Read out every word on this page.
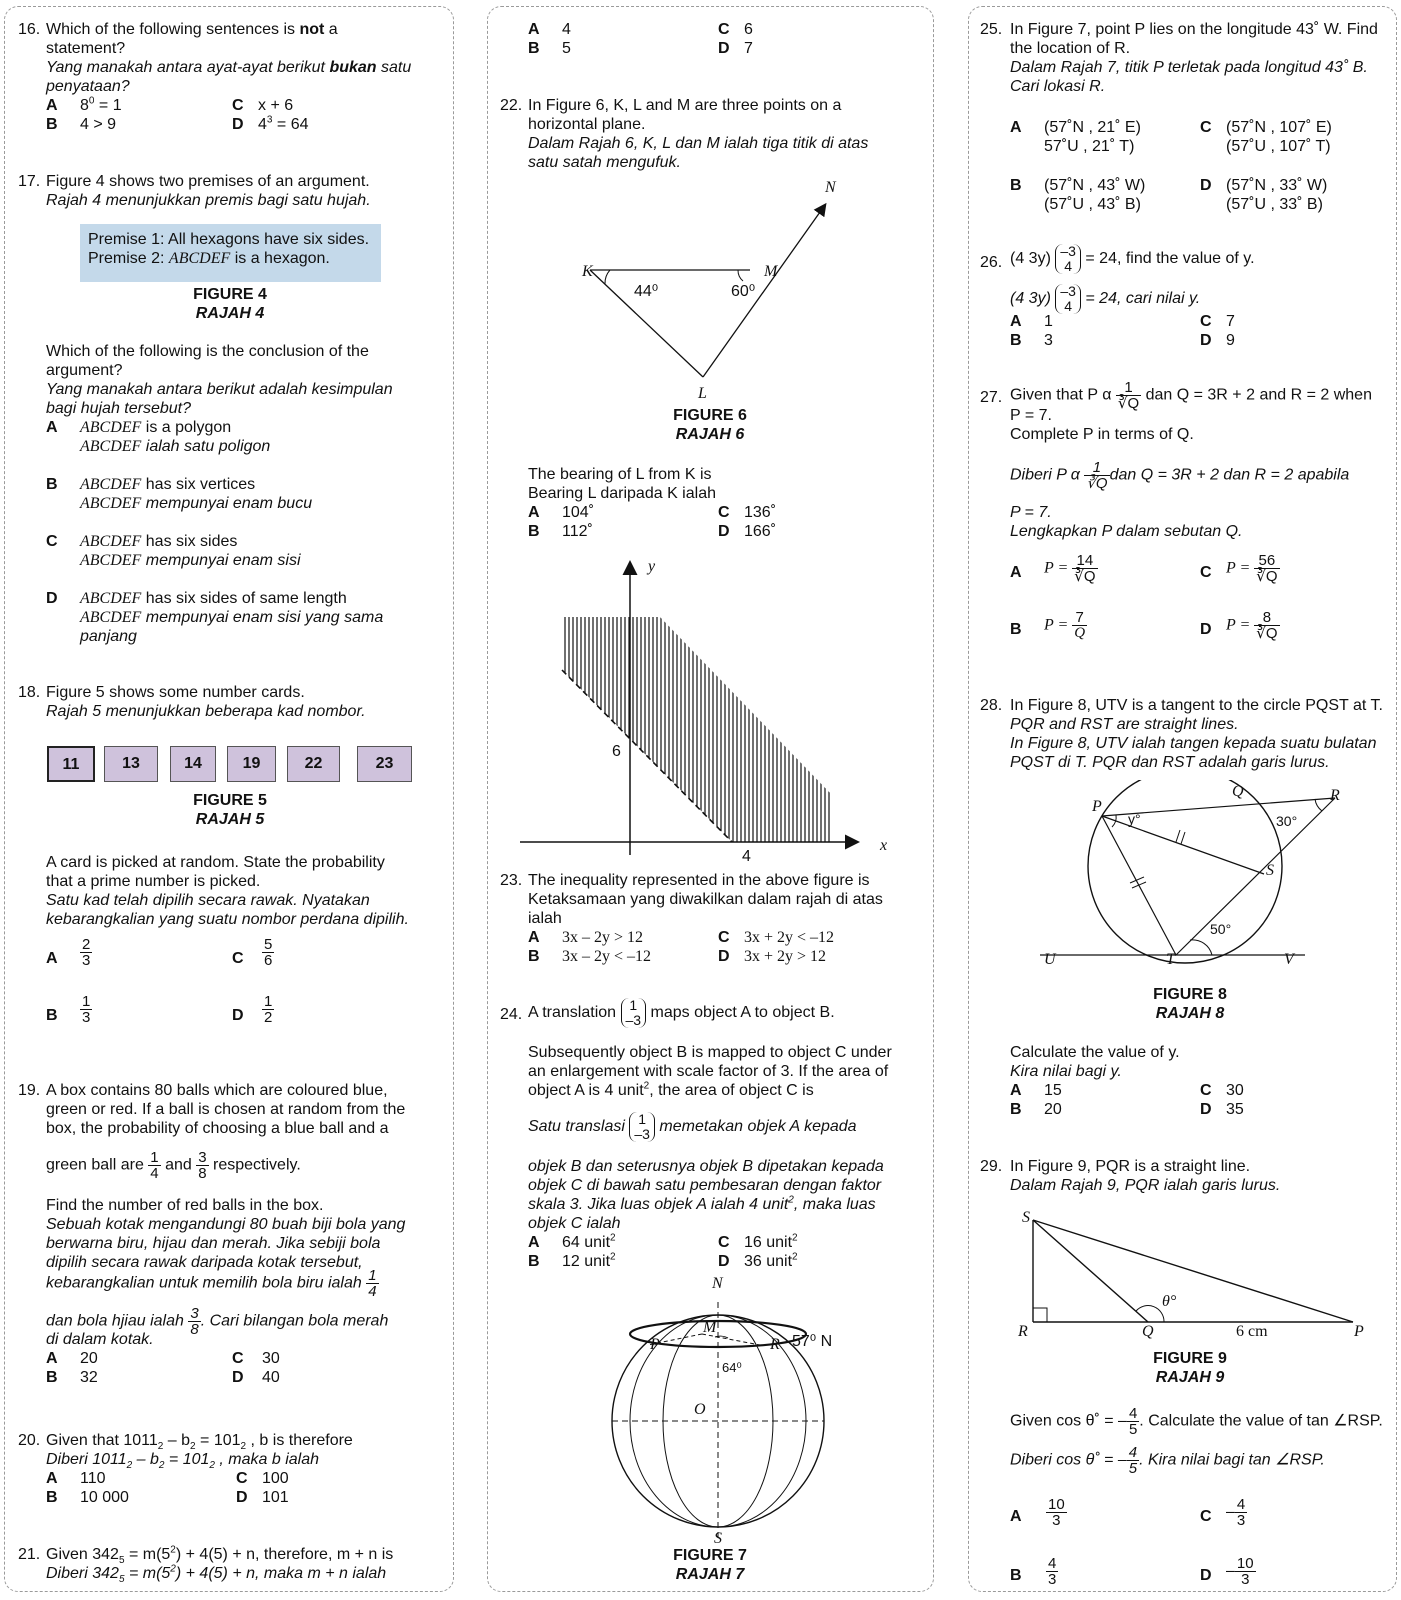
16. Which of the following sentences is not a
statement?
Yang manakah antara ayat-ayat berikut bukan satu
penyataan?
A $8^0 = 1$	C x + 6
B 4 > 9	D $4^3 = 64$
17. Figure 4 shows two premises of an argument.
Rajah 4 menunjukkan premis bagi satu hujah.
Premise 1: All hexagons have six sides.
Premise 2: ABCDEF is a hexagon.
FIGURE 4
RAJAH 4
Which of the following is the conclusion of the
argument?
Yang manakah antara berikut adalah kesimpulan
bagi hujah tersebut?
A ABCDEF is a polygon
ABCDEF ialah satu poligon
B ABCDEF has six vertices
ABCDEF mempunyai enam bucu
C ABCDEF has six sides
ABCDEF mempunyai enam sisi
D ABCDEF has six sides of same length
ABCDEF mempunyai enam sisi yang sama
panjang
18. Figure 5 shows some number cards.
Rajah 5 menunjukkan beberapa kad nombor.
11	13	14	19	22	23
FIGURE 5
RAJAH 5
A card is picked at random. State the probability
that a prime number is picked.
Satu kad telah dipilih secara rawak. Nyatakan
kebarangkalian yang suatu nombor perdana dipilih.
A $\frac{2}{3}$	C $\frac{5}{6}$
B $\frac{1}{3}$	D $\frac{1}{2}$
19. A box contains 80 balls which are coloured blue,
green or red. If a ball is chosen at random from the
box, the probability of choosing a blue ball and a
green ball are $\frac{1}{4}$ and $\frac{3}{8}$ respectively.
Find the number of red balls in the box.
Sebuah kotak mengandungi 80 buah biji bola yang
berwarna biru, hijau dan merah. Jika sebiji bola
dipilih secara rawak daripada kotak tersebut,
kebarangkalian untuk memilih bola biru ialah $\frac{1}{4}$
dan bola hjiau ialah $\frac{3}{8}$ . Cari bilangan bola merah
di dalam kotak.
A 20	C 30
B 32	D 40
20. Given that $1011_2 - b_2 = 101_2$ , b is therefore
Diberi $1011_2 - b_2 = 101_2$ , maka b ialah
A 110	C 100
B 10 000	D 101
21. Given $342_5 = m(5^2) + 4(5) + n$, therefore, m + n is
Diberi $342_5 = m(5^2) + 4(5) + n$, maka m + n ialah
A 4	C 6
B 5	D 7
22. In Figure 6, K, L and M are three points on a
horizontal plane.
Dalam Rajah 6, K, L dan M ialah tiga titik di atas
satu satah mengufuk.
N
K	M
L
44⁰	60⁰
FIGURE 6
RAJAH 6
The bearing of L from K is
Bearing L daripada K ialah
A 104˚	C 136˚
B 112˚	D 166˚
y
x
6
4
23. The inequality represented in the above figure is
Ketaksamaan yang diwakilkan dalam rajah di atas
ialah
A 3x – 2y > 12	C 3x + 2y < –12
B 3x – 2y < –12	D 3x + 2y > 12
24. A translation 1
–3 maps object A to object B.
Subsequently object B is mapped to object C under
an enlargement with scale factor of 3. If the area of
object A is 4 unit$^2$, the area of object C is
Satu translasi 1
–3 memetakan objek A kepada
objek B dan seterusnya objek B dipetakan kepada
objek C di bawah satu pembesaran dengan faktor
skala 3. Jika luas objek A ialah 4 unit$^2$, maka luas
objek C ialah
A 64 unit$^2$	C 16 unit$^2$
B 12 unit$^2$	D 36 unit$^2$
N
S
M
P	R
O
57⁰ N
64⁰
FIGURE 7
RAJAH 7
25. In Figure 7, point P lies on the longitude 43˚ W. Find
the location of R.
Dalam Rajah 7, titik P terletak pada longitud 43˚ B.
Cari lokasi R.
A (57˚N , 21˚ E)
57˚U , 21˚ T)
C (57˚N , 107˚ E)
(57˚U , 107˚ T)
B (57˚N , 43˚ W)
(57˚U , 43˚ B)
D (57˚N , 33˚ W)
(57˚U , 33˚ B)
26. (4 3y) –3
4 = 24, find the value of y.
(4 3y) –3
4 = 24, cari nilai y.
A 1	C 7
B 3	D 9
27. Given that P α $\frac{1}{∛Q}$ dan Q = 3R + 2 and R = 2 when
P = 7.
Complete P in terms of Q.
Diberi P α $\frac{1}{∛Q}$ dan Q = 3R + 2 dan R = 2 apabila
P = 7.
Lengkapkan P dalam sebutan Q.
A $P = \frac{14}{∛Q}$	C $P = \frac{56}{∛Q}$
B $P = \frac{7}{Q}$	D $P = \frac{8}{∛Q}$
28. In Figure 8, UTV is a tangent to the circle PQST at T.
PQR and RST are straight lines.
In Figure 8, UTV ialah tangen kepada suatu bulatan
PQST di T. PQR dan RST adalah garis lurus.
P
Q	R
S
T
U	V
y°	30°
50°
FIGURE 8
RAJAH 8
Calculate the value of y.
Kira nilai bagi y.
A 15	C 30
B 20	D 35
29. In Figure 9, PQR is a straight line.
Dalam Rajah 9, PQR ialah garis lurus.
S
R	Q	P
θ°
6 cm
FIGURE 9
RAJAH 9
Given cos θ˚ = – $\frac{4}{5}$ . Calculate the value of tan ∠RSP.
Diberi cos θ˚ = – $\frac{4}{5}$ . Kira nilai bagi tan ∠RSP.
A $\frac{10}{3}$	C – $\frac{4}{3}$
B $\frac{4}{3}$	D – $\frac{10}{3}$
